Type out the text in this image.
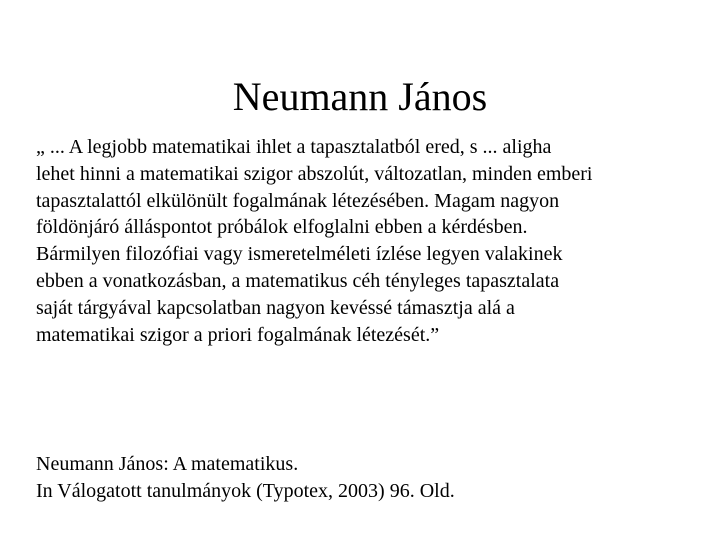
Neumann János

„ ... A legjobb matematikai ihlet a tapasztalatból ered, s ... aligha
lehet hinni a matematikai szigor abszolút, változatlan, minden emberi
tapasztalattól elkülönült fogalmának létezésében. Magam nagyon
földönjáró álláspontot próbálok elfoglalni ebben a kérdésben.
Bármilyen filozófiai vagy ismeretelméleti ízlése legyen valakinek
ebben a vonatkozásban, a matematikus céh tényleges tapasztalata
saját tárgyával kapcsolatban nagyon kevéssé támasztja alá a
matematikai szigor a priori fogalmának létezését.”

Neumann János: A matematikus.
In Válogatott tanulmányok (Typotex, 2003) 96. Old.
